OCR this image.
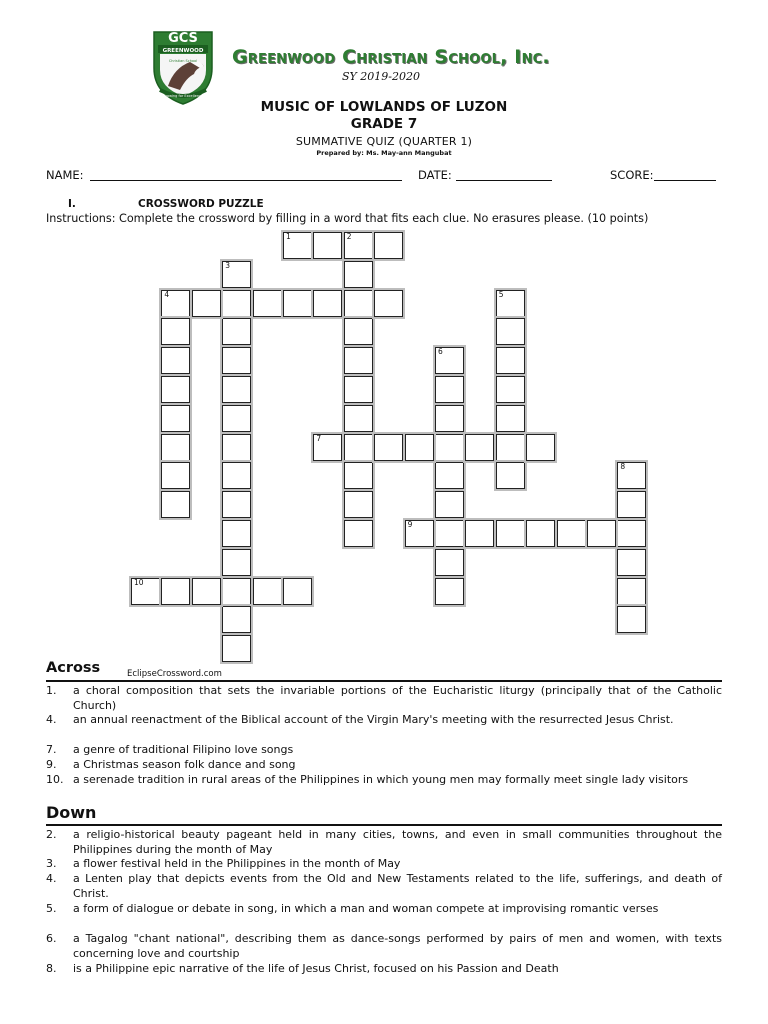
GCS
GREENWOOD
Christian School
Growing for Excellence
Greenwood Christian School, Inc.
SY 2019-2020
MUSIC OF LOWLANDS OF LUZON
GRADE 7
SUMMATIVE QUIZ (QUARTER 1)
Prepared by: Ms. May-ann Mangubat
NAME:	DATE:	SCORE:
I.	CROSSWORD PUZZLE
Instructions: Complete the crossword by filling in a word that fits each clue. No erasures please. (10 points)
1	2
3
4	5
6
7
8
9
10
EclipseCrossword.com
Across
1. a choral composition that sets the invariable portions of the Eucharistic liturgy (principally that of the Catholic Church)
4. an annual reenactment of the Biblical account of the Virgin Mary's meeting with the resurrected Jesus Christ.
7. a genre of traditional Filipino love songs
9. a Christmas season folk dance and song
10. a serenade tradition in rural areas of the Philippines in which young men may formally meet single lady visitors
Down
2. a religio-historical beauty pageant held in many cities, towns, and even in small communities throughout the Philippines during the month of May
3. a flower festival held in the Philippines in the month of May
4. a Lenten play that depicts events from the Old and New Testaments related to the life, sufferings, and death of Christ.
5. a form of dialogue or debate in song, in which a man and woman compete at improvising romantic verses
6. a Tagalog "chant national", describing them as dance-songs performed by pairs of men and women, with texts concerning love and courtship
8. is a Philippine epic narrative of the life of Jesus Christ, focused on his Passion and Death
